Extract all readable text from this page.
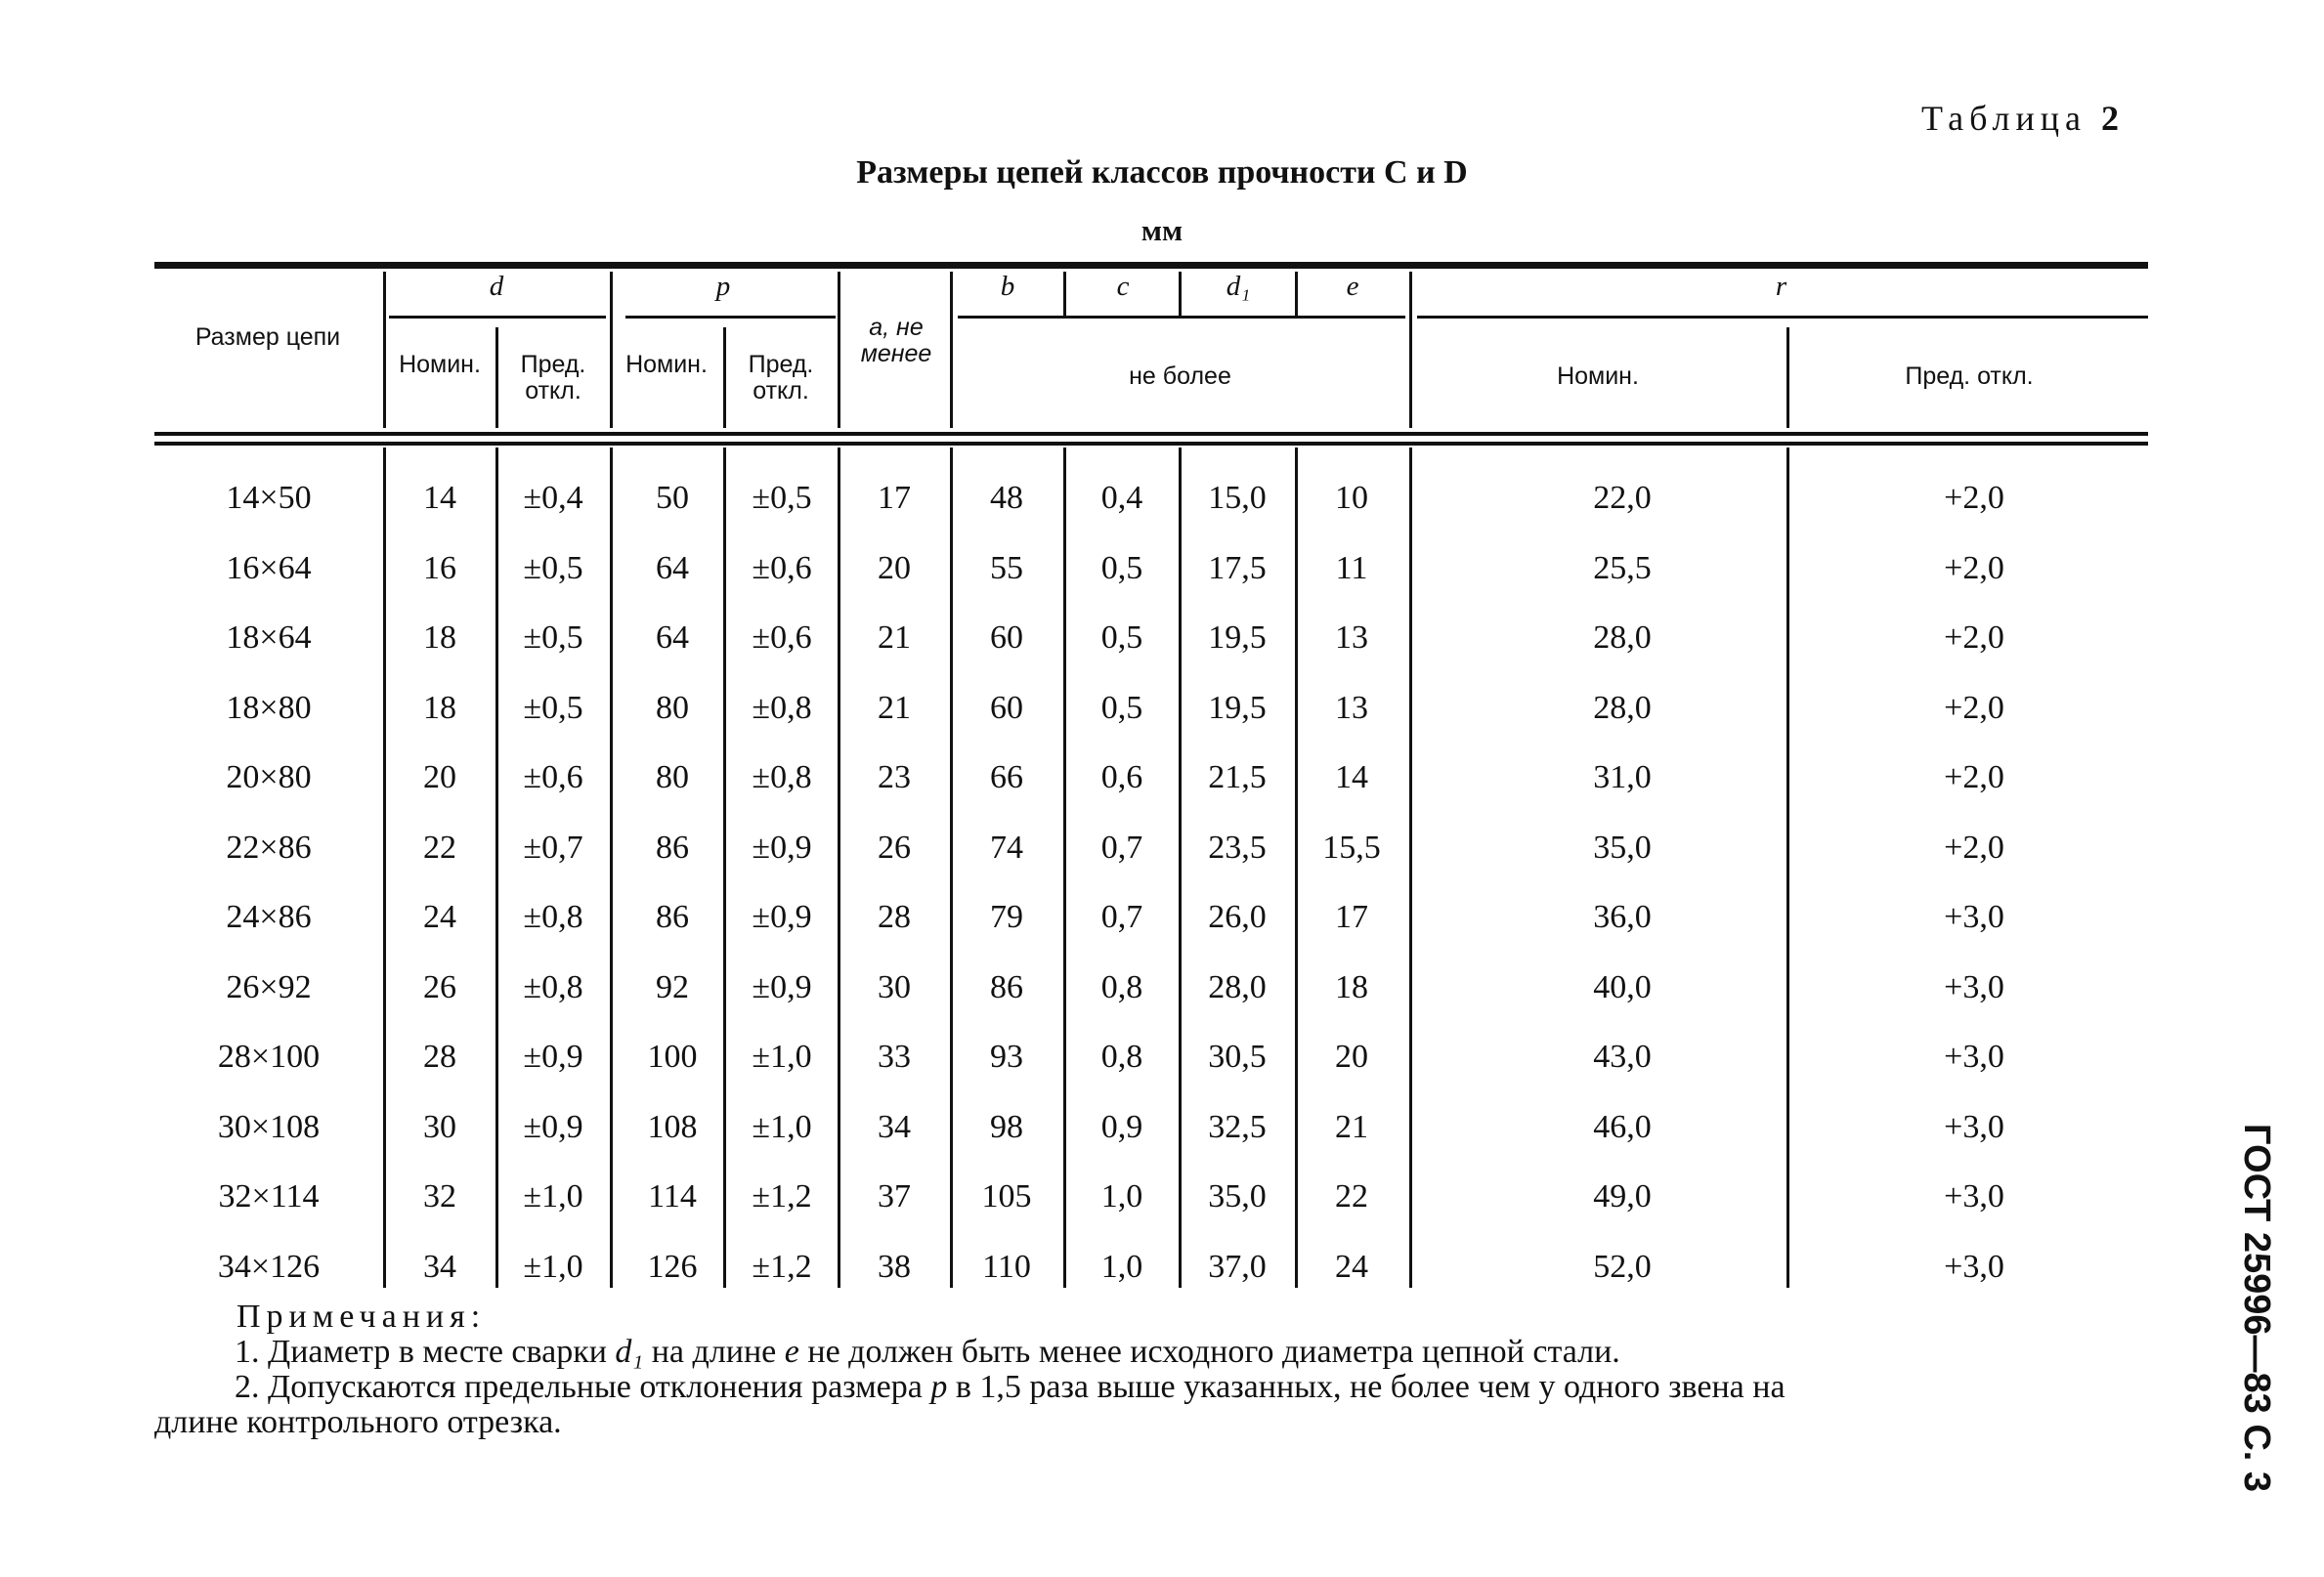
Таблица 2
Размеры цепей классов прочности С и D
мм
ГОСТ 25996—83 С. 3
Размер цепи
d
Номин.	Пред. откл.
p
Номин.	Пред. откл.
a, не менее
b	c	d₁	e
не более
r
Номин.	Пред. откл.
14×50	14	±0,4	50	±0,5	17	48	0,4	15,0	10	22,0	+2,0
16×64	16	±0,5	64	±0,6	20	55	0,5	17,5	11	25,5	+2,0
18×64	18	±0,5	64	±0,6	21	60	0,5	19,5	13	28,0	+2,0
18×80	18	±0,5	80	±0,8	21	60	0,5	19,5	13	28,0	+2,0
20×80	20	±0,6	80	±0,8	23	66	0,6	21,5	14	31,0	+2,0
22×86	22	±0,7	86	±0,9	26	74	0,7	23,5	15,5	35,0	+2,0
24×86	24	±0,8	86	±0,9	28	79	0,7	26,0	17	36,0	+3,0
26×92	26	±0,8	92	±0,9	30	86	0,8	28,0	18	40,0	+3,0
28×100	28	±0,9	100	±1,0	33	93	0,8	30,5	20	43,0	+3,0
30×108	30	±0,9	108	±1,0	34	98	0,9	32,5	21	46,0	+3,0
32×114	32	±1,0	114	±1,2	37	105	1,0	35,0	22	49,0	+3,0
34×126	34	±1,0	126	±1,2	38	110	1,0	37,0	24	52,0	+3,0
Примечания:
1. Диаметр в месте сварки d₁ на длине e не должен быть менее исходного диаметра цепной стали.
2. Допускаются предельные отклонения размера p в 1,5 раза выше указанных, не более чем у одного звена на
длине контрольного отрезка.
